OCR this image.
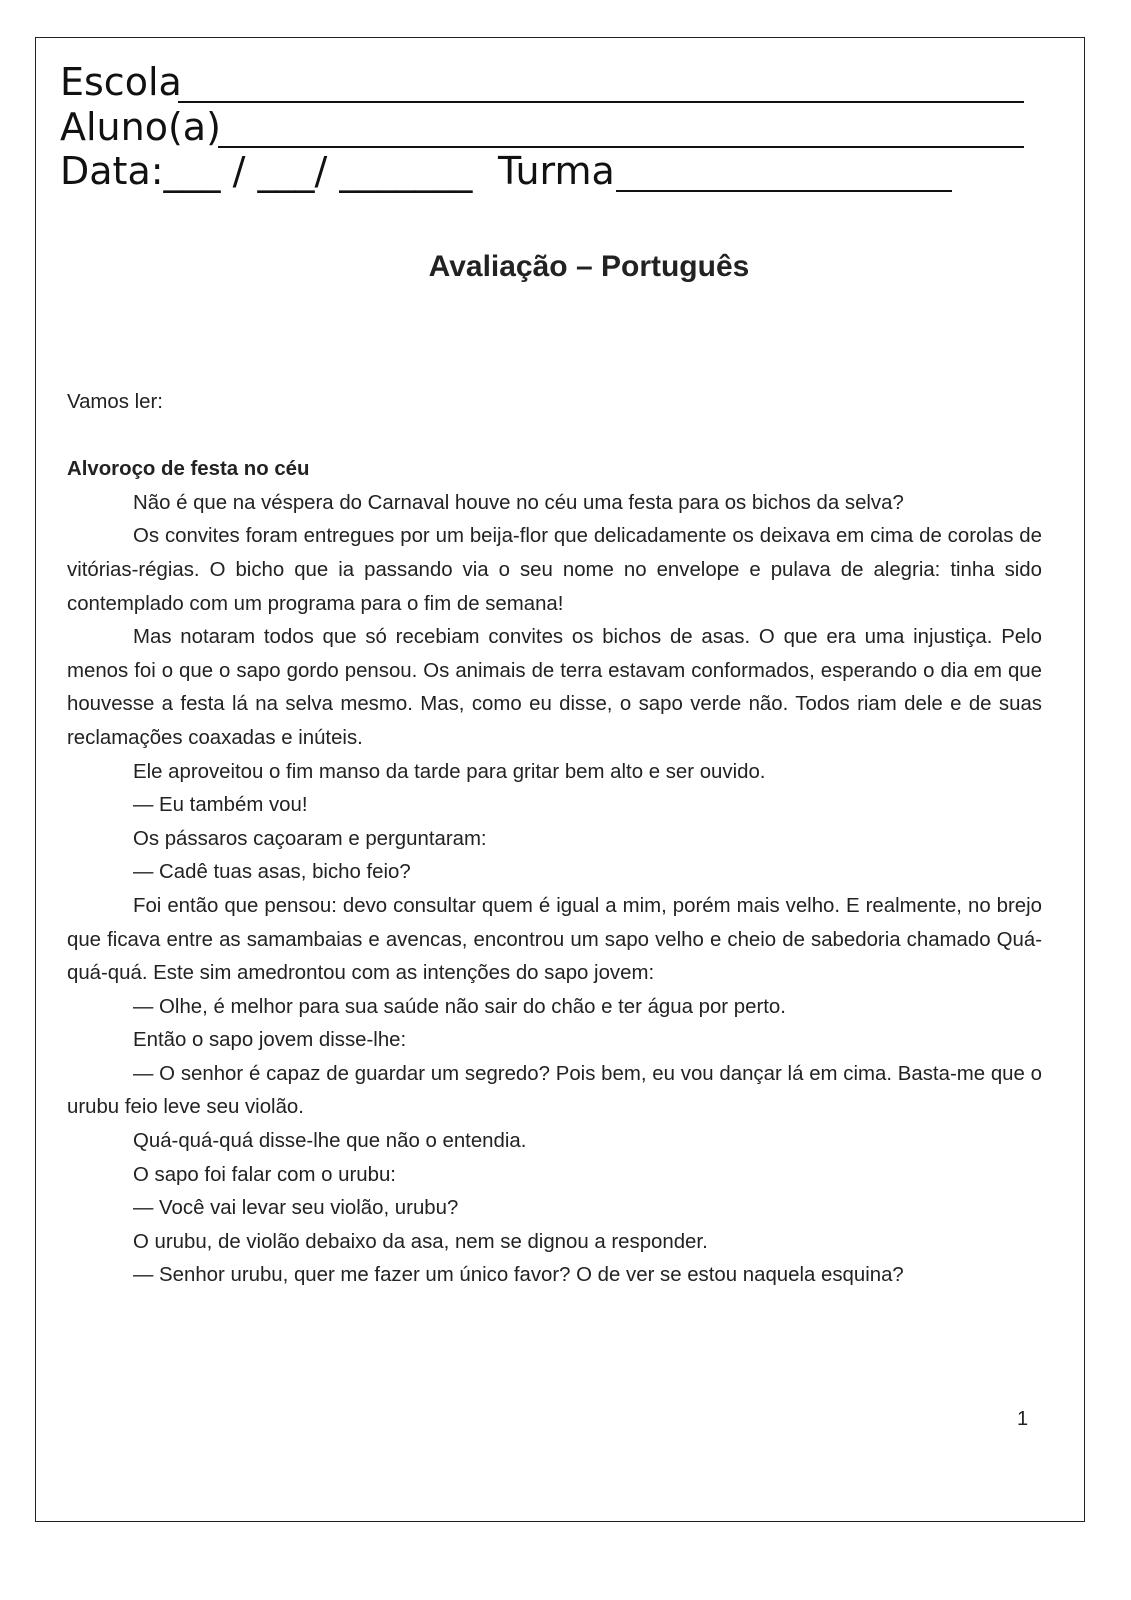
Escola
Aluno(a)
Data:___ / ___/ _______ Turma
Avaliação – Português

Vamos ler:

Alvoroço de festa no céu

Não é que na véspera do Carnaval houve no céu uma festa para os bichos da selva?

Os convites foram entregues por um beija-flor que delicadamente os deixava em cima de corolas de vitórias-régias. O bicho que ia passando via o seu nome no envelope e pulava de alegria: tinha sido contemplado com um programa para o fim de semana!

Mas notaram todos que só recebiam convites os bichos de asas. O que era uma injustiça. Pelo menos foi o que o sapo gordo pensou. Os animais de terra estavam conformados, esperando o dia em que houvesse a festa lá na selva mesmo. Mas, como eu disse, o sapo verde não. Todos riam dele e de suas reclamações coaxadas e inúteis.

Ele aproveitou o fim manso da tarde para gritar bem alto e ser ouvido.

— Eu também vou!

Os pássaros caçoaram e perguntaram:

— Cadê tuas asas, bicho feio?

Foi então que pensou: devo consultar quem é igual a mim, porém mais velho. E realmente, no brejo que ficava entre as samambaias e avencas, encontrou um sapo velho e cheio de sabedoria chamado Quá-quá-quá. Este sim amedrontou com as intenções do sapo jovem:

— Olhe, é melhor para sua saúde não sair do chão e ter água por perto.

Então o sapo jovem disse-lhe:

— O senhor é capaz de guardar um segredo? Pois bem, eu vou dançar lá em cima. Basta-me que o urubu feio leve seu violão.

Quá-quá-quá disse-lhe que não o entendia.

O sapo foi falar com o urubu:

— Você vai levar seu violão, urubu?

O urubu, de violão debaixo da asa, nem se dignou a responder.

— Senhor urubu, quer me fazer um único favor? O de ver se estou naquela esquina?

1
